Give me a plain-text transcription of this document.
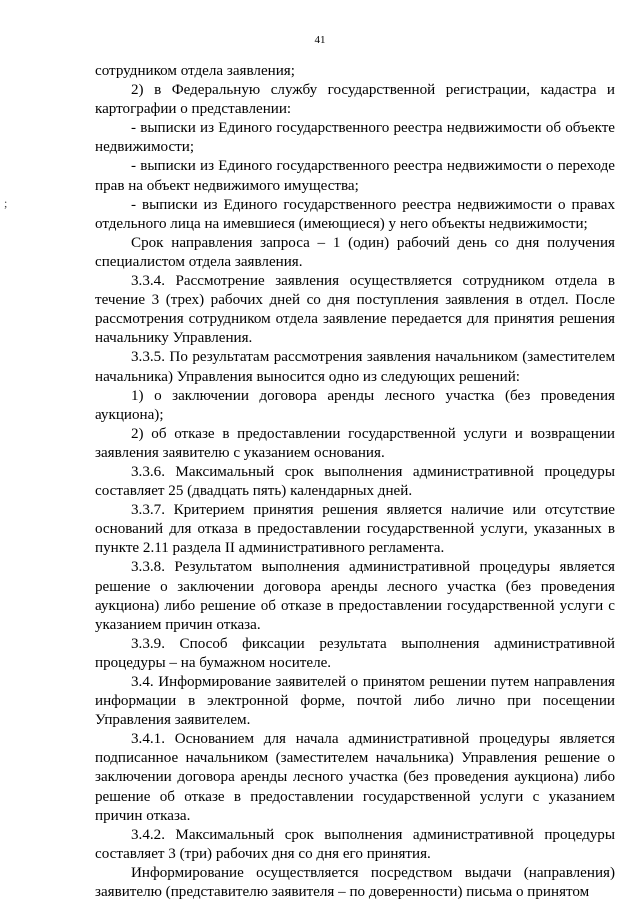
41
;

сотрудником отдела заявления;

2) в Федеральную службу государственной регистрации, кадастра и картографии о представлении:

- выписки из Единого государственного реестра недвижимости об объекте недвижимости;

- выписки из Единого государственного реестра недвижимости о переходе прав на объект недвижимого имущества;

- выписки из Единого государственного реестра недвижимости о правах отдельного лица на имевшиеся (имеющиеся) у него объекты недвижимости;

Срок направления запроса – 1 (один) рабочий день со дня получения специалистом отдела заявления.

3.3.4. Рассмотрение заявления осуществляется сотрудником отдела в течение 3 (трех) рабочих дней со дня поступления заявления в отдел. После рассмотрения сотрудником отдела заявление передается для принятия решения начальнику Управления.

3.3.5. По результатам рассмотрения заявления начальником (заместителем начальника) Управления выносится одно из следующих решений:

1) о заключении договора аренды лесного участка (без проведения аукциона);

2) об отказе в предоставлении государственной услуги и возвращении заявления заявителю с указанием основания.

3.3.6. Максимальный срок выполнения административной процедуры составляет 25 (двадцать пять) календарных дней.

3.3.7. Критерием принятия решения является наличие или отсутствие оснований для отказа в предоставлении государственной услуги, указанных в пункте 2.11 раздела II административного регламента.

3.3.8. Результатом выполнения административной процедуры является решение о заключении договора аренды лесного участка (без проведения аукциона) либо решение об отказе в предоставлении государственной услуги с указанием причин отказа.

3.3.9. Способ фиксации результата выполнения административной процедуры – на бумажном носителе.

3.4. Информирование заявителей о принятом решении путем направления информации в электронной форме, почтой либо лично при посещении Управления заявителем.

3.4.1. Основанием для начала административной процедуры является подписанное начальником (заместителем начальника) Управления решение о заключении договора аренды лесного участка (без проведения аукциона) либо решение об отказе в предоставлении государственной услуги с указанием причин отказа.

3.4.2. Максимальный срок выполнения административной процедуры составляет 3 (три) рабочих дня со дня его принятия.

Информирование осуществляется посредством выдачи (направления) заявителю (представителю заявителя – по доверенности) письма о принятом
